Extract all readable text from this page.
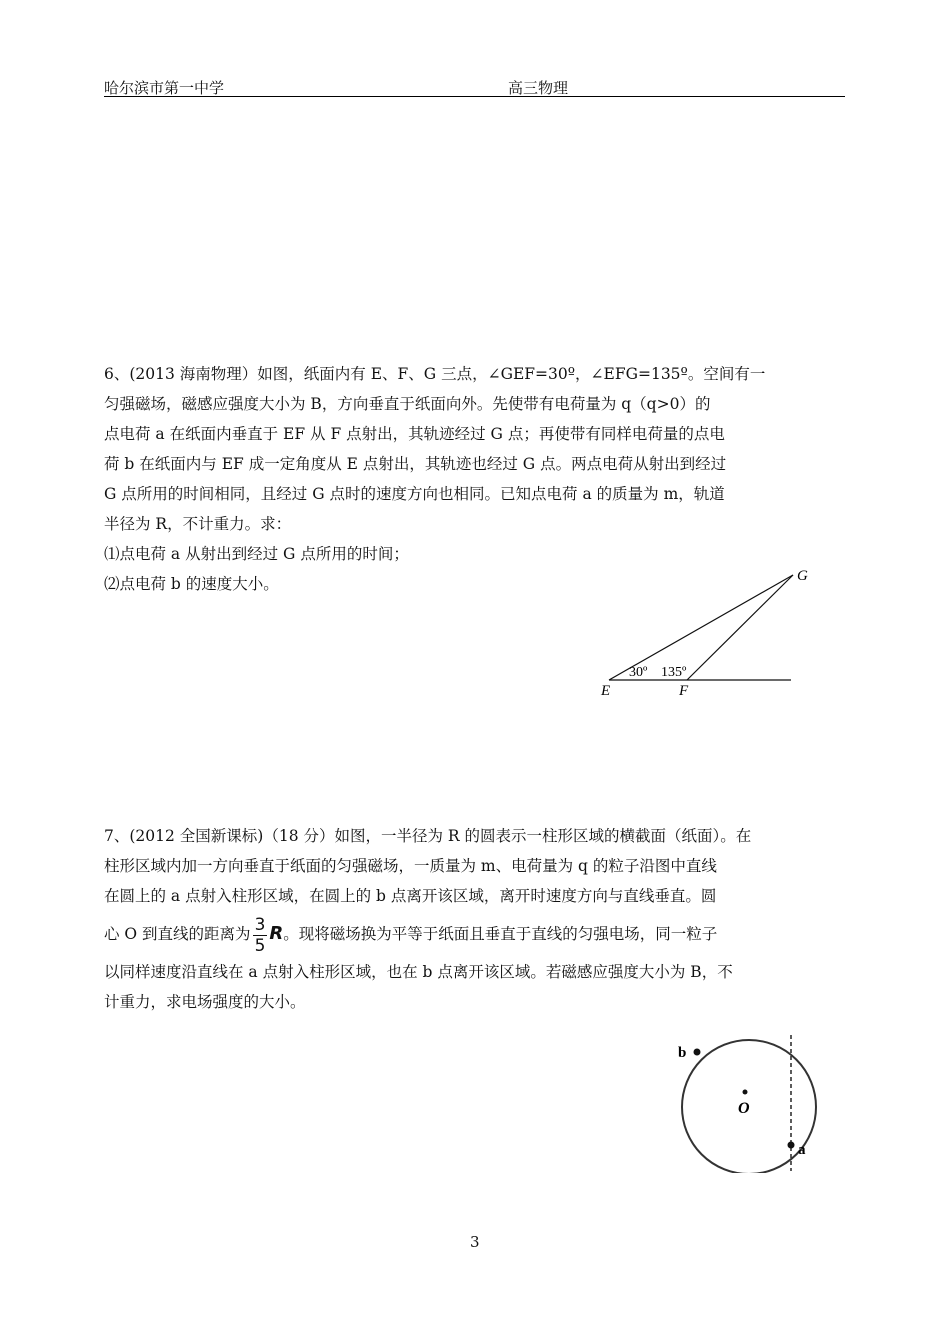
哈尔滨市第一中学	高三物理
6、(2013 海南物理）如图，纸面内有 E、F、G 三点，∠GEF=30º，∠EFG=135º。空间有一
匀强磁场，磁感应强度大小为 B，方向垂直于纸面向外。先使带有电荷量为 q（q>0）的
点电荷 a 在纸面内垂直于 EF 从 F 点射出，其轨迹经过 G 点；再使带有同样电荷量的点电
荷 b 在纸面内与 EF 成一定角度从 E 点射出，其轨迹也经过 G 点。两点电荷从射出到经过
G 点所用的时间相同，且经过 G 点时的速度方向也相同。已知点电荷 a 的质量为 m，轨道
半径为 R，不计重力。求：
⑴点电荷 a 从射出到经过 G 点所用的时间；
⑵点电荷 b 的速度大小。
E	F
G
30º 135º
7、(2012 全国新课标)（18 分）如图，一半径为 R 的圆表示一柱形区域的横截面（纸面）。在
柱形区域内加一方向垂直于纸面的匀强磁场，一质量为 m、电荷量为 q 的粒子沿图中直线
在圆上的 a 点射入柱形区域，在圆上的 b 点离开该区域，离开时速度方向与直线垂直。圆
心 O 到直线的距离为 $\frac{3}{5}$ R。现将磁场换为平等于纸面且垂直于直线的匀强电场，同一粒子
以同样速度沿直线在 a 点射入柱形区域，也在 b 点离开该区域。若磁感应强度大小为 B，不
计重力，求电场强度的大小。
b
O
a
3
